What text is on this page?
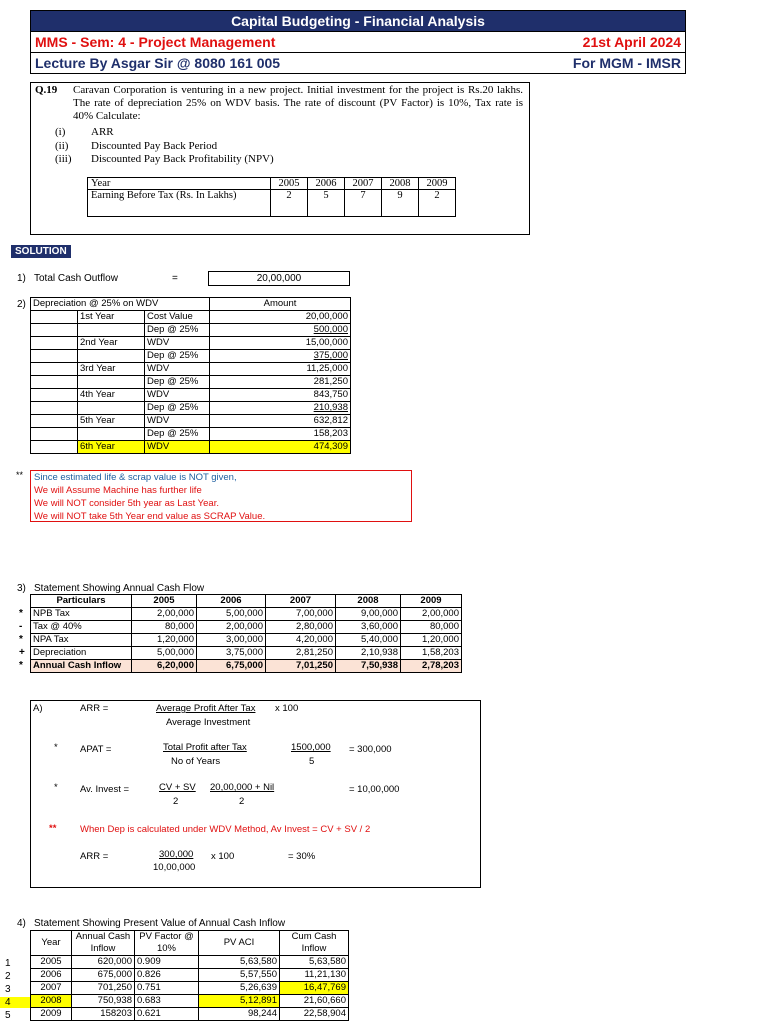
Capital Budgeting - Financial Analysis
MMS - Sem: 4 - Project Management	21st April 2024
Lecture By Asgar Sir @ 8080 161 005	For MGM - IMSR
Q.19 Caravan Corporation is venturing in a new project. Initial investment for the project is Rs.20 lakhs. The rate of depreciation 25% on WDV basis. The rate of discount (PV Factor) is 10%, Tax rate is 40% Calculate:

(i) ARR
(ii) Discounted Pay Back Period
(iii) Discounted Pay Back Profitability (NPV)
Year	2005	2006	2007	2008	2009
Earning Before Tax (Rs. In Lakhs)	2	5	7	9	2
SOLUTION
1) Total Cash Outflow	=	20,00,000
2) Depreciation @ 25% on WDV			Amount
	1st Year	Cost Value	20,00,000
		Dep @ 25%	500,000
	2nd Year	WDV	15,00,000
		Dep @ 25%	375,000
	3rd Year	WDV	11,25,000
		Dep @ 25%	281,250
	4th Year	WDV	843,750
		Dep @ 25%	210,938
	5th Year	WDV	632,812
		Dep @ 25%	158,203
	6th Year	WDV	474,309
** Since estimated life & scrap value is NOT given,
We will Assume Machine has further life
We will NOT consider 5th year as Last Year.
We will NOT take 5th Year end value as SCRAP Value.
3) Statement Showing Annual Cash Flow
*
-
*
+
*
Particulars	2005	2006	2007	2008	2009
NPB Tax	2,00,000	5,00,000	7,00,000	9,00,000	2,00,000
Tax @ 40%	80,000	2,00,000	2,80,000	3,60,000	80,000
NPA Tax	1,20,000	3,00,000	4,20,000	5,40,000	1,20,000
Depreciation	5,00,000	3,75,000	2,81,250	2,10,938	1,58,203
Annual Cash Inflow	6,20,000	6,75,000	7,01,250	7,50,938	2,78,203
A)	ARR =	Average Profit After Tax x 100
Average Investment
* APAT =	Total Profit after Tax
No of Years
1500,000
5
= 300,000
* Av. Invest =	CV + SV
2
20,00,000 + Nil
2
= 10,00,000
** When Dep is calculated under WDV Method, Av Invest = CV + SV / 2
ARR =	300,000
10,00,000
x 100	= 30%
4) Statement Showing Present Value of Annual Cash Inflow
1
2
3
4
5
Year	Annual Cash Inflow	PV Factor @ 10%	PV ACI	Cum Cash Inflow
2005	620,000	0.909	5,63,580	5,63,580
2006	675,000	0.826	5,57,550	11,21,130
2007	701,250	0.751	5,26,639	16,47,769
2008	750,938	0.683	5,12,891	21,60,660
2009	158203	0.621	98,244	22,58,904
